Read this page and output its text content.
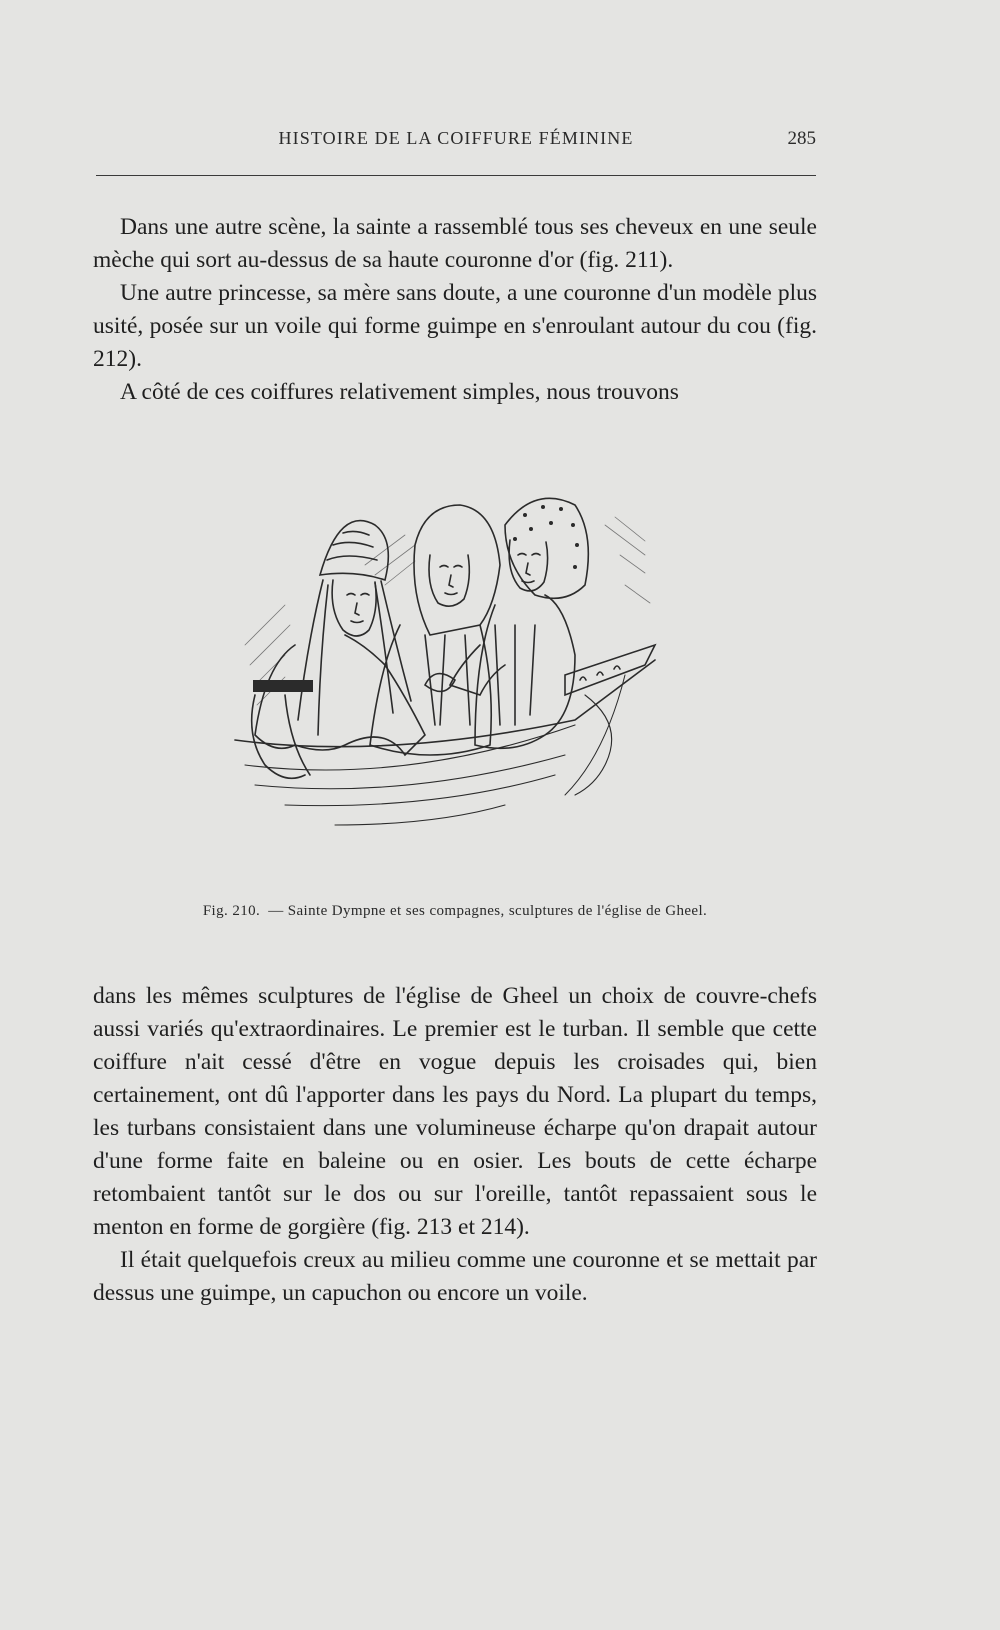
HISTOIRE DE LA COIFFURE FÉMININE	285

Dans une autre scène, la sainte a rassemblé tous ses cheveux en une seule mèche qui sort au-dessus de sa haute couronne d'or (fig. 211).

Une autre princesse, sa mère sans doute, a une couronne d'un modèle plus usité, posée sur un voile qui forme guimpe en s'enroulant autour du cou (fig. 212).

A côté de ces coiffures relativement simples, nous trouvons

Fig. 210. — Sainte Dympne et ses compagnes, sculptures de l'église de Gheel.

dans les mêmes sculptures de l'église de Gheel un choix de couvre-chefs aussi variés qu'extraordinaires. Le premier est le turban. Il semble que cette coiffure n'ait cessé d'être en vogue depuis les croisades qui, bien certainement, ont dû l'apporter dans les pays du Nord. La plupart du temps, les turbans consistaient dans une volumineuse écharpe qu'on drapait autour d'une forme faite en baleine ou en osier. Les bouts de cette écharpe retombaient tantôt sur le dos ou sur l'oreille, tantôt repassaient sous le menton en forme de gorgière (fig. 213 et 214).

Il était quelquefois creux au milieu comme une couronne et se mettait par dessus une guimpe, un capuchon ou encore un voile.
